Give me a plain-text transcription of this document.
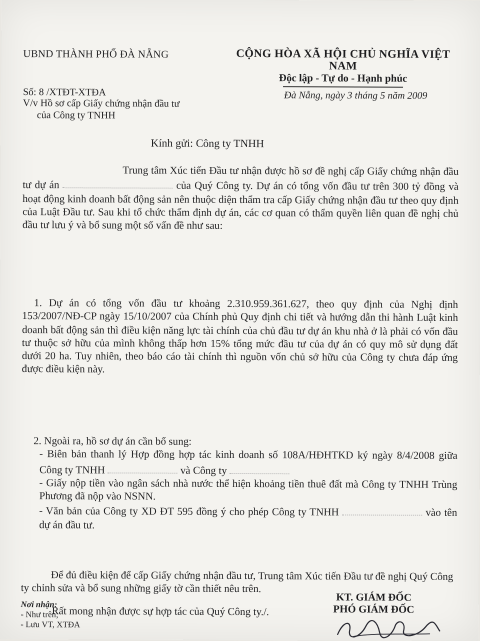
UBND THÀNH PHỐ ĐÀ NẴNG	CỘNG HÒA XÃ HỘI CHỦ NGHĨA VIỆT NAM
Độc lập - Tự do - Hạnh phúc
Số: 8 /XTĐT-XTĐA
V/v Hồ sơ cấp Giấy chứng nhận đầu tư
của Công ty TNHH
Đà Nẵng, ngày 3 tháng 5 năm 2009
Kính gửi: Công ty TNHH
Trung tâm Xúc tiến Đầu tư nhận được hồ sơ đề nghị cấp Giấy chứng nhận đầu tư dự án	của Quý Công ty. Dự án có tổng vốn đầu tư trên 300 tỷ đồng và hoạt động kinh doanh bất động sản nên thuộc diện thẩm tra cấp Giấy chứng nhận đầu tư theo quy định của Luật Đầu tư. Sau khi tổ chức thẩm định dự án, các cơ quan có thẩm quyền liên quan đề nghị chủ đầu tư lưu ý và bổ sung một số vấn đề như sau:
1. Dự án có tổng vốn đầu tư khoảng 2.310.959.361.627, theo quy định của Nghị định 153/2007/NĐ-CP ngày 15/10/2007 của Chính phủ Quy định chi tiết và hướng dẫn thi hành Luật kinh doanh bất động sản thì điều kiện năng lực tài chính của chủ đầu tư dự án khu nhà ở là phải có vốn đầu tư thuộc sở hữu của mình không thấp hơn 15% tổng mức đầu tư của dự án có quy mô sử dụng đất dưới 20 ha. Tuy nhiên, theo báo cáo tài chính thì nguồn vốn chủ sở hữu của Công ty chưa đáp ứng được điều kiện này.
2. Ngoài ra, hồ sơ dự án cần bổ sung:
- Biên bản thanh lý Hợp đồng hợp tác kinh doanh số 108A/HĐHTKD ký ngày 8/4/2008 giữa Công ty TNHH	và Công ty
- Giấy nộp tiền vào ngân sách nhà nước thể hiện khoảng tiền thuê đất mà Công ty TNHH Trùng Phương đã nộp vào NSNN.
- Văn bản của Công ty XD ĐT 595 đồng ý cho phép Công ty TNHH	vào tên dự án đầu tư.
Để đủ điều kiện để cấp Giấy chứng nhận đầu tư, Trung tâm Xúc tiến Đầu tư đề nghị Quý Công ty chỉnh sửa và bổ sung những giấy tờ cần thiết nêu trên.
Rất mong nhận được sự hợp tác của Quý Công ty./.
Nơi nhận:
- Như trên;
- Lưu VT, XTĐA
KT. GIÁM ĐỐC
PHÓ GIÁM ĐỐC
